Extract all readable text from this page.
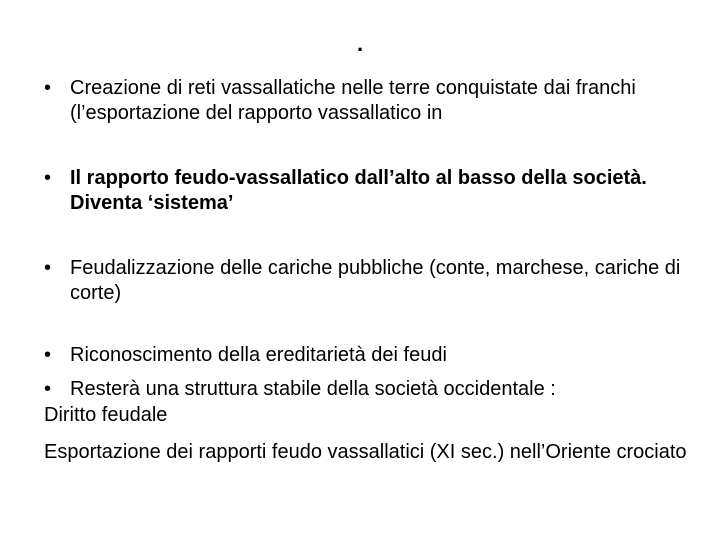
.
• Creazione di reti vassallatiche nelle terre conquistate dai franchi (l’esportazione del rapporto vassallatico in
• Il rapporto feudo-vassallatico dall’alto al basso della società. Diventa ‘sistema’
• Feudalizzazione delle cariche pubbliche (conte, marchese, cariche di corte)
• Riconoscimento della ereditarietà dei feudi
• Resterà una struttura stabile della società occidentale :
Diritto feudale
Esportazione dei rapporti feudo vassallatici (XI sec.) nell’Oriente crociato
